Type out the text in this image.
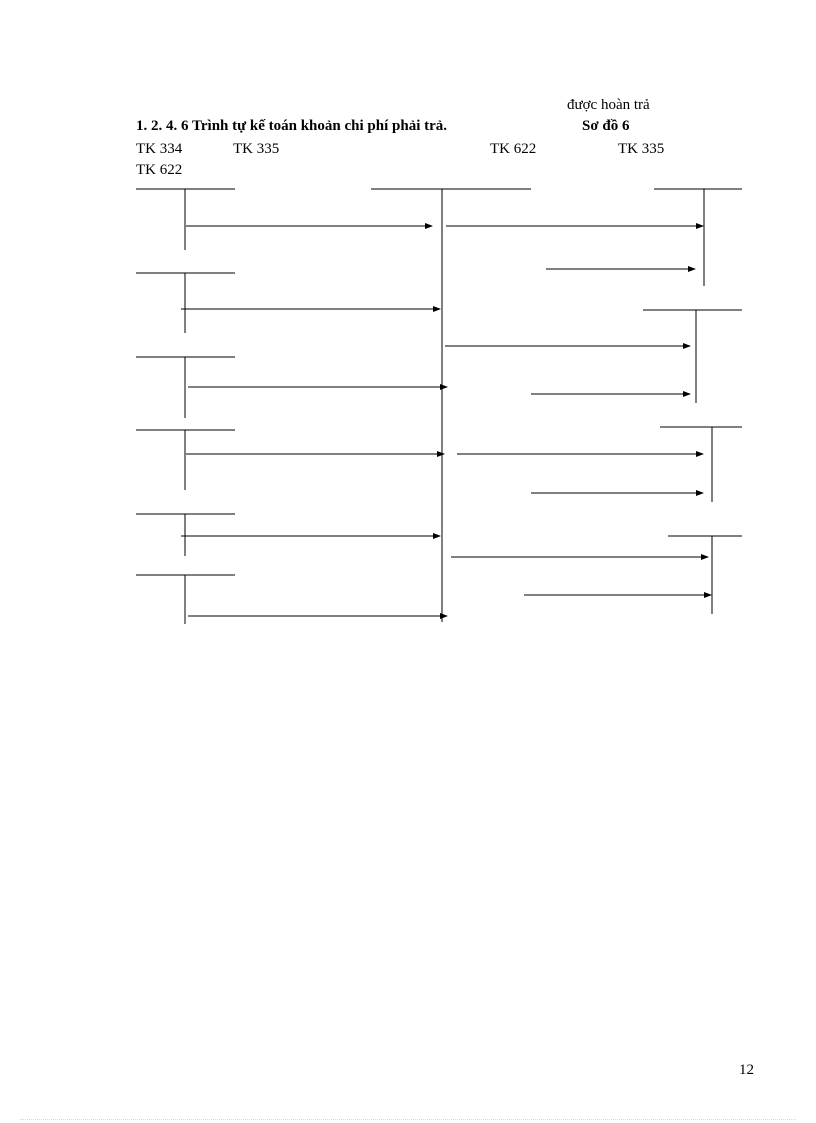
được hoàn trả
1. 2. 4. 6 Trình tự kế toán khoản chi phí phải trả.	Sơ đồ 6
TK 334	TK 335	TK 622	TK 335
TK 622
12
